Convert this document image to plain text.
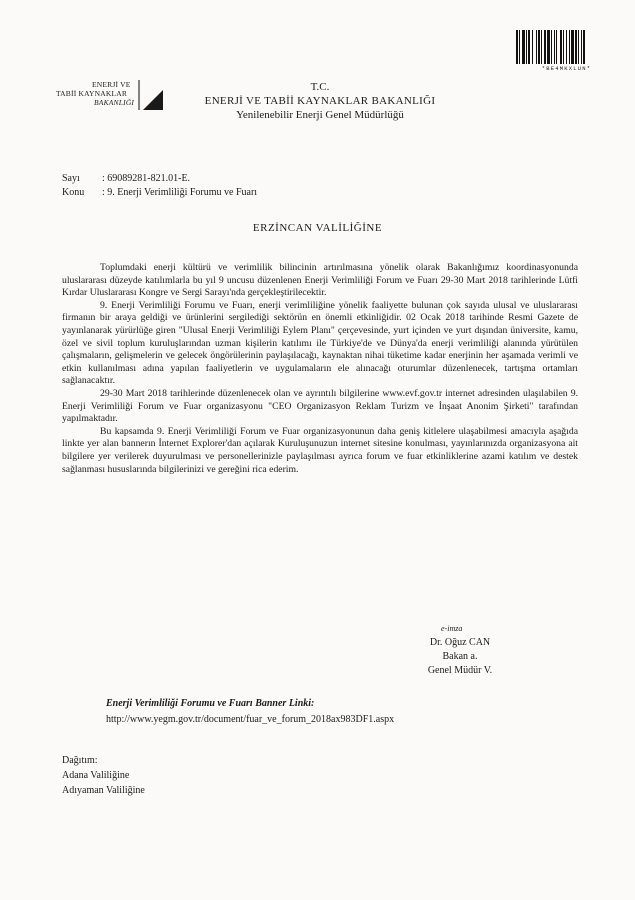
ENERJİ VE
TABİİ KAYNAKLAR
BAKANLIĞI
*BE4MKXLUN*
T.C.
ENERJİ VE TABİİ KAYNAKLAR BAKANLIĞI
Yenilenebilir Enerji Genel Müdürlüğü
Sayı : 69089281-821.01-E.
Konu : 9. Enerji Verimliliği Forumu ve Fuarı
ERZİNCAN VALİLİĞİNE

Toplumdaki enerji kültürü ve verimlilik bilincinin artırılmasına yönelik olarak Bakanlığımız koordinasyonunda uluslararası düzeyde katılımlarla bu yıl 9 uncusu düzenlenen Enerji Verimliliği Forum ve Fuarı 29-30 Mart 2018 tarihlerinde Lütfi Kırdar Uluslararası Kongre ve Sergi Sarayı'nda gerçekleştirilecektir.

9. Enerji Verimliliği Forumu ve Fuarı, enerji verimliliğine yönelik faaliyette bulunan çok sayıda ulusal ve uluslararası firmanın bir araya geldiği ve ürünlerini sergilediği sektörün en önemli etkinliğidir. 02 Ocak 2018 tarihinde Resmi Gazete de yayınlanarak yürürlüğe giren "Ulusal Enerji Verimliliği Eylem Planı" çerçevesinde, yurt içinden ve yurt dışından üniversite, kamu, özel ve sivil toplum kuruluşlarından uzman kişilerin katılımı ile Türkiye'de ve Dünya'da enerji verimliliği alanında yürütülen çalışmaların, gelişmelerin ve gelecek öngörülerinin paylaşılacağı, kaynaktan nihai tüketime kadar enerjinin her aşamada verimli ve etkin kullanılması adına yapılan faaliyetlerin ve uygulamaların ele alınacağı oturumlar düzenlenecek, tartışma ortamları sağlanacaktır.

29-30 Mart 2018 tarihlerinde düzenlenecek olan ve ayrıntılı bilgilerine www.evf.gov.tr internet adresinden ulaşılabilen 9. Enerji Verimliliği Forum ve Fuar organizasyonu "CEO Organizasyon Reklam Turizm ve İnşaat Anonim Şirketi" tarafından yapılmaktadır.

Bu kapsamda 9. Enerji Verimliliği Forum ve Fuar organizasyonunun daha geniş kitlelere ulaşabilmesi amacıyla aşağıda linkte yer alan bannerın İnternet Explorer'dan açılarak Kuruluşunuzun internet sitesine konulması, yayınlarınızda organizasyona ait bilgilere yer verilerek duyurulması ve personellerinizle paylaşılması ayrıca forum ve fuar etkinliklerine azami katılım ve destek sağlanması hususlarında bilgilerinizi ve gereğini rica ederim.

e-imza
Dr. Oğuz CAN
Bakan a.
Genel Müdür V.
Enerji Verimliliği Forumu ve Fuarı Banner Linki:
http://www.yegm.gov.tr/document/fuar_ve_forum_2018ax983DF1.aspx
Dağıtım:
Adana Valiliğine
Adıyaman Valiliğine
